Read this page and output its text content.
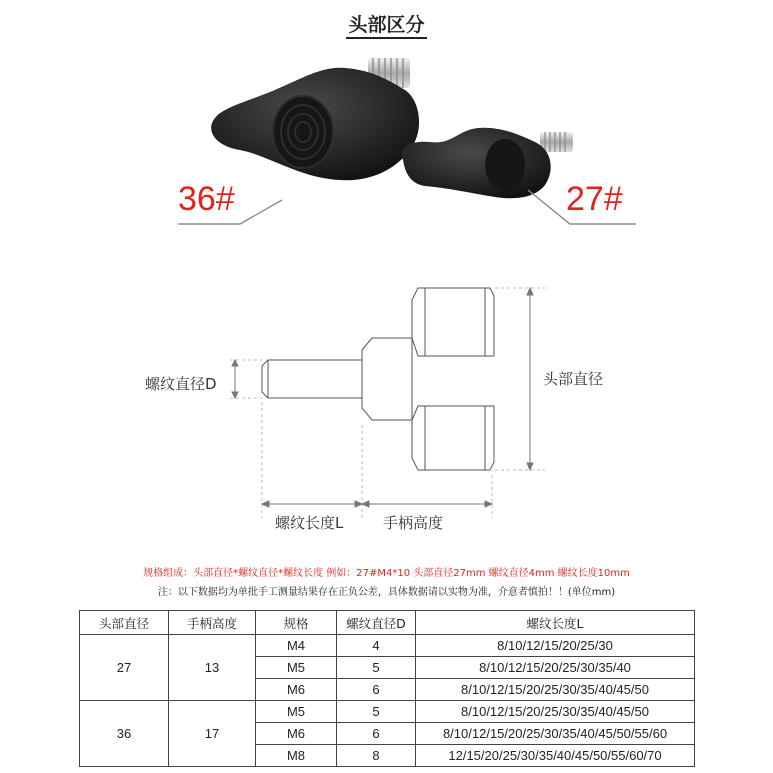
头部区分
36#	27#
螺纹直径D	头部直径
螺纹长度L	手柄高度
规格组成：头部直径*螺纹直径*螺纹长度 例如：27#M4*10 头部直径27mm 螺纹直径4mm 螺纹长度10mm
注：以下数据均为单批手工测量结果存在正负公差，具体数据请以实物为准，介意者慎拍！！(单位mm)
头部直径	手柄高度	规格	螺纹直径D	螺纹长度L
27	13	M4	4	8/10/12/15/20/25/30
		M5	5	8/10/12/15/20/25/30/35/40
		M6	6	8/10/12/15/20/25/30/35/40/45/50
36	17	M5	5	8/10/12/15/20/25/30/35/40/45/50
		M6	6	8/10/12/15/20/25/30/35/40/45/50/55/60
		M8	8	12/15/20/25/30/35/40/45/50/55/60/70
